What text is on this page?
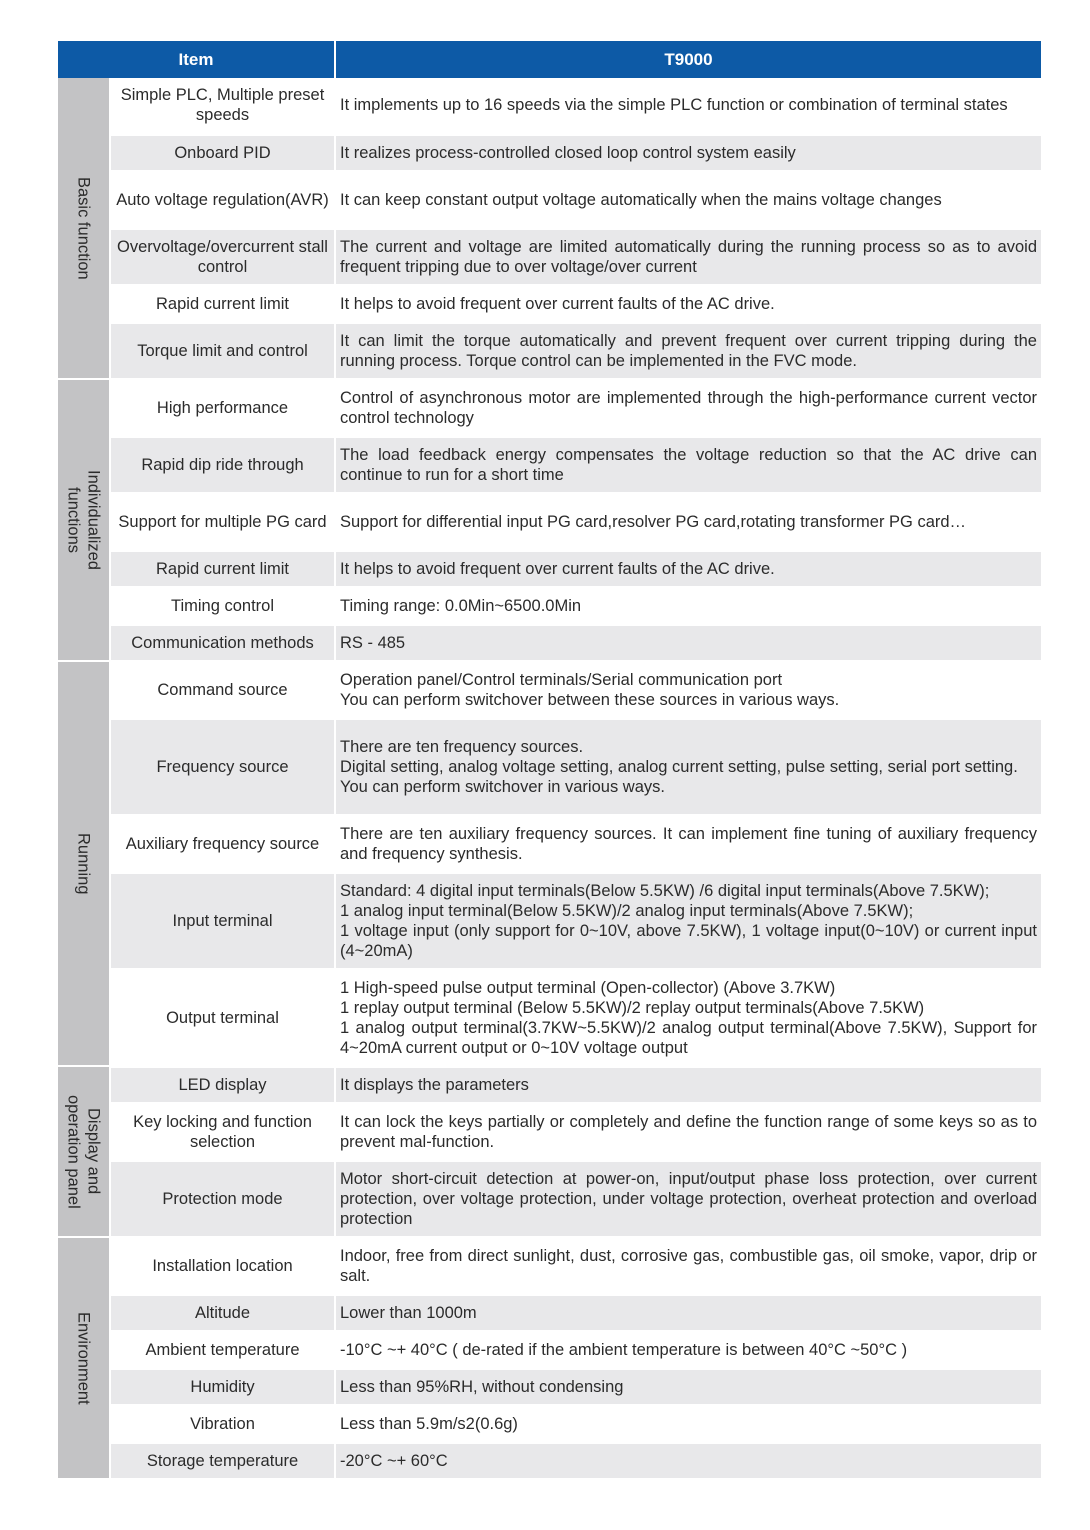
Item		T9000

Basic function	Simple PLC, Multiple preset speeds	It implements up to 16 speeds via the simple PLC function or combination of terminal states

	Onboard PID	It realizes process-controlled closed loop control system easily

	Auto voltage regulation(AVR)	It can keep constant output voltage automatically when the mains voltage changes

	Overvoltage/overcurrent stall control	The current and voltage are limited automatically during the running process so as to avoid frequent tripping due to over voltage/over current

	Rapid current limit	It helps to avoid frequent over current faults of the AC drive.

	Torque limit and control	It can limit the torque automatically and prevent frequent over current tripping during the running process. Torque control can be implemented in the FVC mode.

Individualized
functions	High performance	Control of asynchronous motor are implemented through the high-performance current vector control technology

	Rapid dip ride through	The load feedback energy compensates the voltage reduction so that the AC drive can continue to run for a short time

	Support for multiple PG card	Support for differential input PG card,resolver PG card,rotating transformer PG card…

	Rapid current limit	It helps to avoid frequent over current faults of the AC drive.

	Timing control	Timing range: 0.0Min~6500.0Min

	Communication methods	RS - 485

Running	Command source	Operation panel/Control terminals/Serial communication port
You can perform switchover between these sources in various ways.

	Frequency source	There are ten frequency sources.
Digital setting, analog voltage setting, analog current setting, pulse setting, serial port setting.
You can perform switchover in various ways.

	Auxiliary frequency source	There are ten auxiliary frequency sources. It can implement fine tuning of auxiliary frequency and frequency synthesis.

	Input terminal	Standard: 4 digital input terminals(Below 5.5KW) /6 digital input terminals(Above 7.5KW);
1 analog input terminal(Below 5.5KW)/2 analog input terminals(Above 7.5KW);
1 voltage input (only support for 0~10V, above 7.5KW), 1 voltage input(0~10V) or current input (4~20mA)

	Output terminal	1 High-speed pulse output terminal (Open-collector) (Above 3.7KW)
1 replay output terminal (Below 5.5KW)/2 replay output terminals(Above 7.5KW)
1 analog output terminal(3.7KW~5.5KW)/2 analog output terminal(Above 7.5KW), Support for 4~20mA current output or 0~10V voltage output

Display and
operation panel	LED display	It displays the parameters

	Key locking and function selection	It can lock the keys partially or completely and define the function range of some keys so as to prevent mal-function.

	Protection mode	Motor short-circuit detection at power-on, input/output phase loss protection, over current protection, over voltage protection, under voltage protection, overheat protection and overload protection

Environment	Installation location	Indoor, free from direct sunlight, dust, corrosive gas, combustible gas, oil smoke, vapor, drip or salt.

	Altitude	Lower than 1000m

	Ambient temperature	-10°C ~+ 40°C ( de-rated if the ambient temperature is between 40°C ~50°C )

	Humidity	Less than 95%RH, without condensing

	Vibration	Less than 5.9m/s2(0.6g)

	Storage temperature	-20°C ~+ 60°C
